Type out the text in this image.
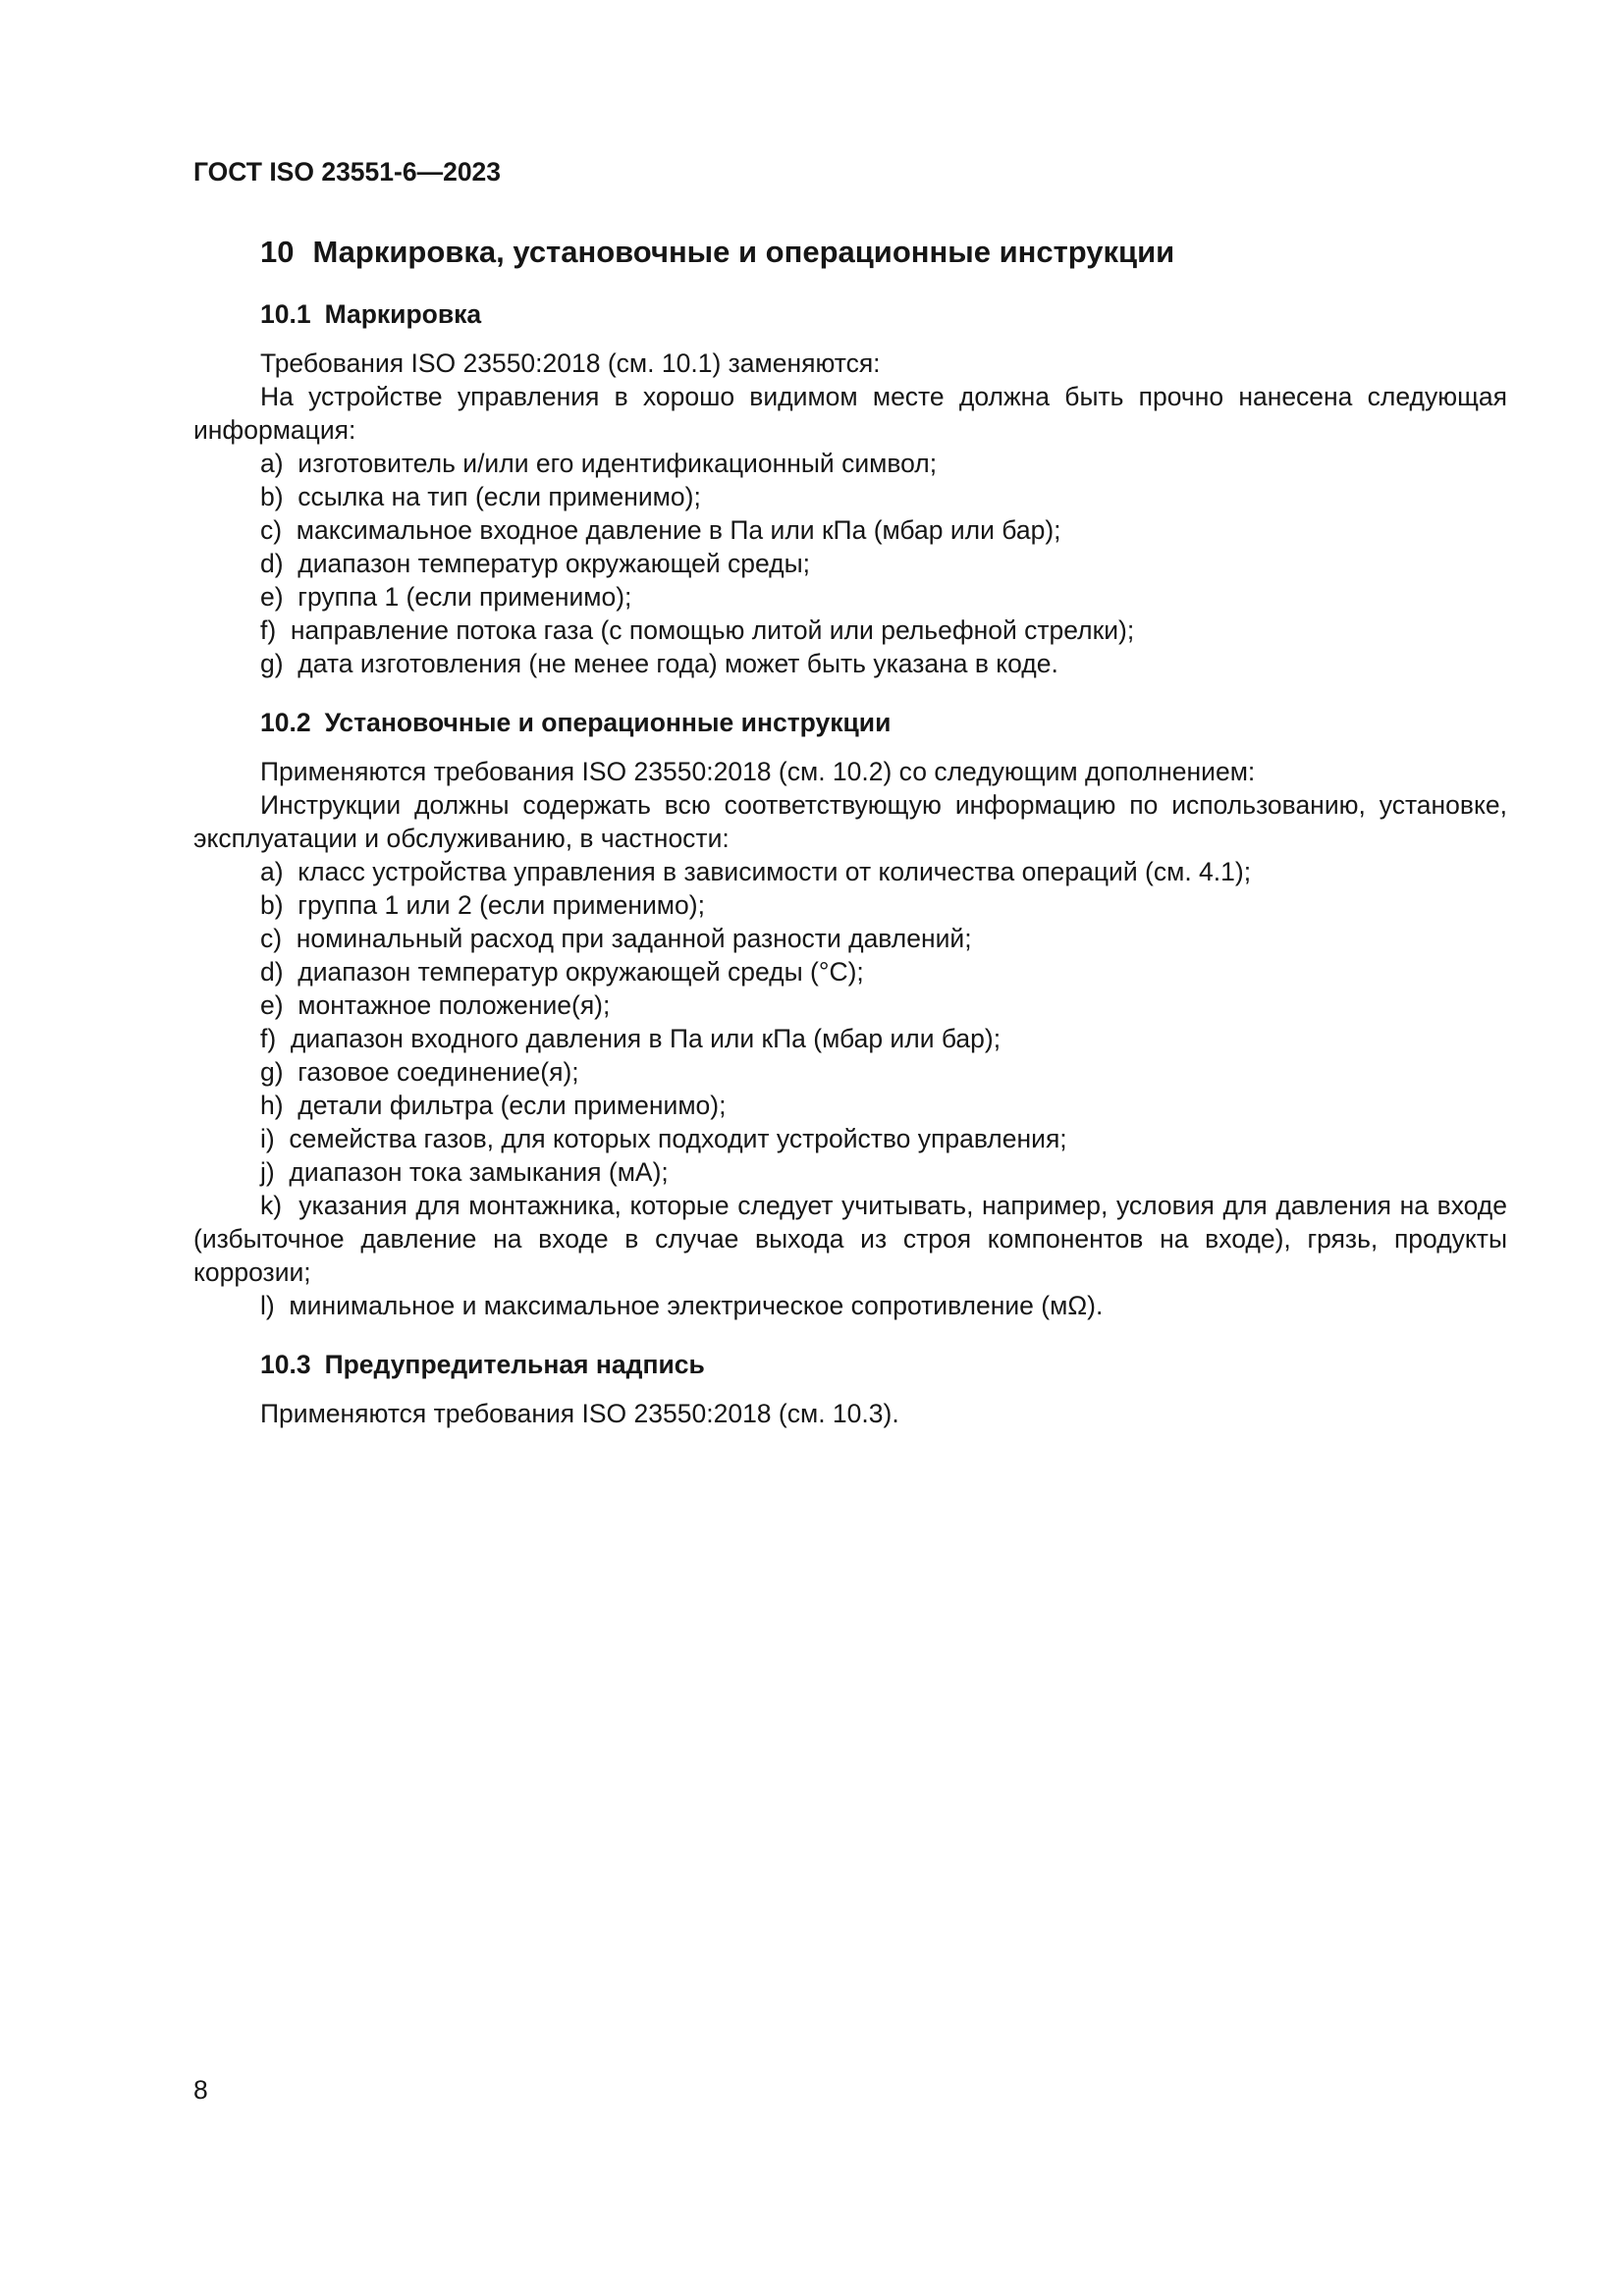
ГОСТ ISO 23551-6—2023
10 Маркировка, установочные и операционные инструкции
10.1 Маркировка

Требования ISO 23550:2018 (см. 10.1) заменяются:

На устройстве управления в хорошо видимом месте должна быть прочно нанесена следующая информация:

a)  изготовитель и/или его идентификационный символ;

b)  ссылка на тип (если применимо);

c)  максимальное входное давление в Па или кПа (мбар или бар);

d)  диапазон температур окружающей среды;

e)  группа 1 (если применимо);

f)  направление потока газа (с помощью литой или рельефной стрелки);

g)  дата изготовления (не менее года) может быть указана в коде.

10.2 Установочные и операционные инструкции

Применяются требования ISO 23550:2018 (см. 10.2) со следующим дополнением:

Инструкции должны содержать всю соответствующую информацию по использованию, установке, эксплуатации и обслуживанию, в частности:

a)  класс устройства управления в зависимости от количества операций (см. 4.1);

b)  группа 1 или 2 (если применимо);

c)  номинальный расход при заданной разности давлений;

d)  диапазон температур окружающей среды (°С);

e)  монтажное положение(я);

f)  диапазон входного давления в Па или кПа (мбар или бар);

g)  газовое соединение(я);

h)  детали фильтра (если применимо);

i)  семейства газов, для которых подходит устройство управления;

j)  диапазон тока замыкания (мА);

k)  указания для монтажника, которые следует учитывать, например, условия для давления на входе (избыточное давление на входе в случае выхода из строя компонентов на входе), грязь, продукты коррозии;

l)  минимальное и максимальное электрическое сопротивление (мΩ).

10.3 Предупредительная надпись

Применяются требования ISO 23550:2018 (см. 10.3).

8
